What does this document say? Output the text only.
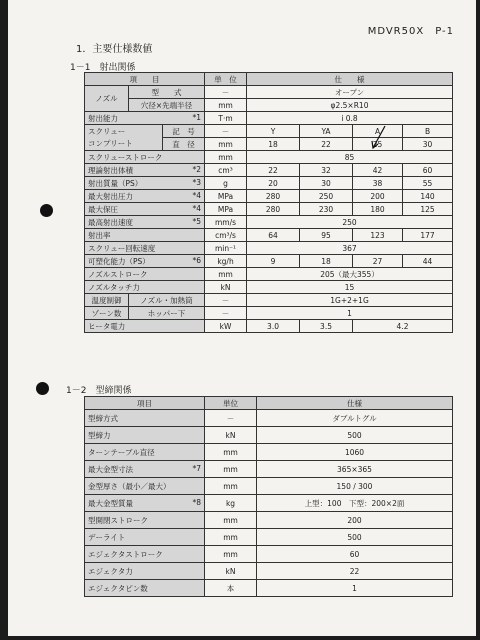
MDVR50X　P-1
1．主要仕様数値
1－1　射出関係
項　　目			単　位	仕　　様			
ノズル	型　　式		－	オープン			
	穴径×先端半径		mm	φ2.5×R10			
射出能力 *1			T·m	i 0.8			
スクリュー		記　号	－	Y	YA	A	B
コンプリート		直　径	mm	18	22	25	30
スクリューストローク			mm	85			
理論射出体積 *2			cm³	22	32	42	60
射出質量（PS） *3			g	20	30	38	55
最大射出圧力 *4			MPa	280	250	200	140
最大保圧 *4			MPa	280	230	180	125
最高射出速度 *5			mm/s	250			
射出率			cm³/s	64	95	123	177
スクリュー回転速度			min⁻¹	367			
可塑化能力（PS） *6			kg/h	9	18	27	44
ノズルストローク			mm	205（最大355）			
ノズルタッチ力			kN	15			
温度制御	ノズル・加熱筒		－	1G+2+1G			
ゾーン数	ホッパー下		－	1			
ヒータ電力			kW	3.0	3.5	4.2	
1－2　型締関係
項目	単位	仕様
型締方式	－	ダブルトグル
型締力	kN	500
ターンテーブル直径	mm	1060
最大金型寸法 *7	mm	365×365
金型厚さ（最小／最大）	mm	150 / 300
最大金型質量 *8	kg	上型：100　下型：200×2面
型開閉ストローク	mm	200
デーライト	mm	500
エジェクタストローク	mm	60
エジェクタ力	kN	22
エジェクタピン数	本	1
